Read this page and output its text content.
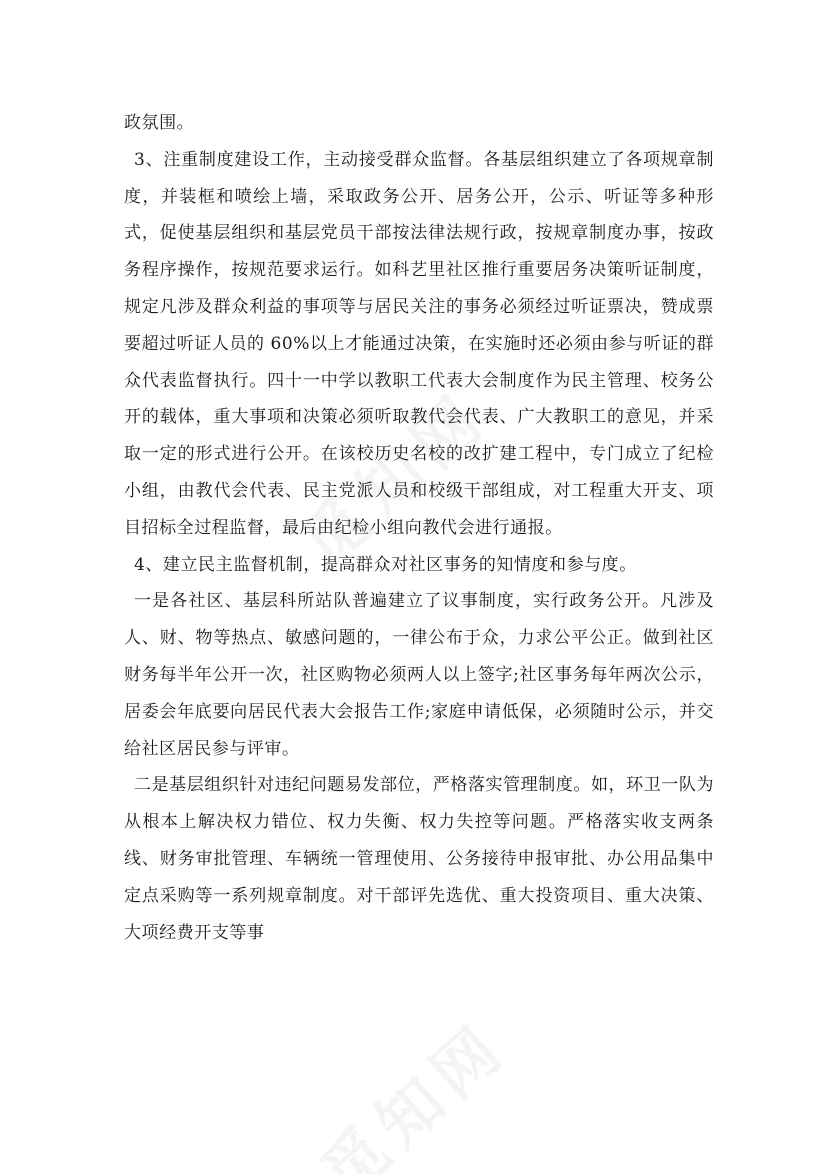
政氛围。

3、注重制度建设工作，主动接受群众监督。各基层组织建立了各项规章制度，并装框和喷绘上墙，采取政务公开、居务公开，公示、听证等多种形式，促使基层组织和基层党员干部按法律法规行政，按规章制度办事，按政务程序操作，按规范要求运行。如科艺里社区推行重要居务决策听证制度，规定凡涉及群众利益的事项等与居民关注的事务必须经过听证票决，赞成票要超过听证人员的 60%以上才能通过决策，在实施时还必须由参与听证的群众代表监督执行。四十一中学以教职工代表大会制度作为民主管理、校务公开的载体，重大事项和决策必须听取教代会代表、广大教职工的意见，并采取一定的形式进行公开。在该校历史名校的改扩建工程中，专门成立了纪检小组，由教代会代表、民主党派人员和校级干部组成，对工程重大开支、项目招标全过程监督，最后由纪检小组向教代会进行通报。

4、建立民主监督机制，提高群众对社区事务的知情度和参与度。

一是各社区、基层科所站队普遍建立了议事制度，实行政务公开。凡涉及人、财、物等热点、敏感问题的，一律公布于众，力求公平公正。做到社区财务每半年公开一次，社区购物必须两人以上签字;社区事务每年两次公示，居委会年底要向居民代表大会报告工作;家庭申请低保，必须随时公示，并交给社区居民参与评审。

二是基层组织针对违纪问题易发部位，严格落实管理制度。如，环卫一队为从根本上解决权力错位、权力失衡、权力失控等问题。严格落实收支两条线、财务审批管理、车辆统一管理使用、公务接待申报审批、办公用品集中定点采购等一系列规章制度。对干部评先选优、重大投资项目、重大决策、大项经费开支等事
